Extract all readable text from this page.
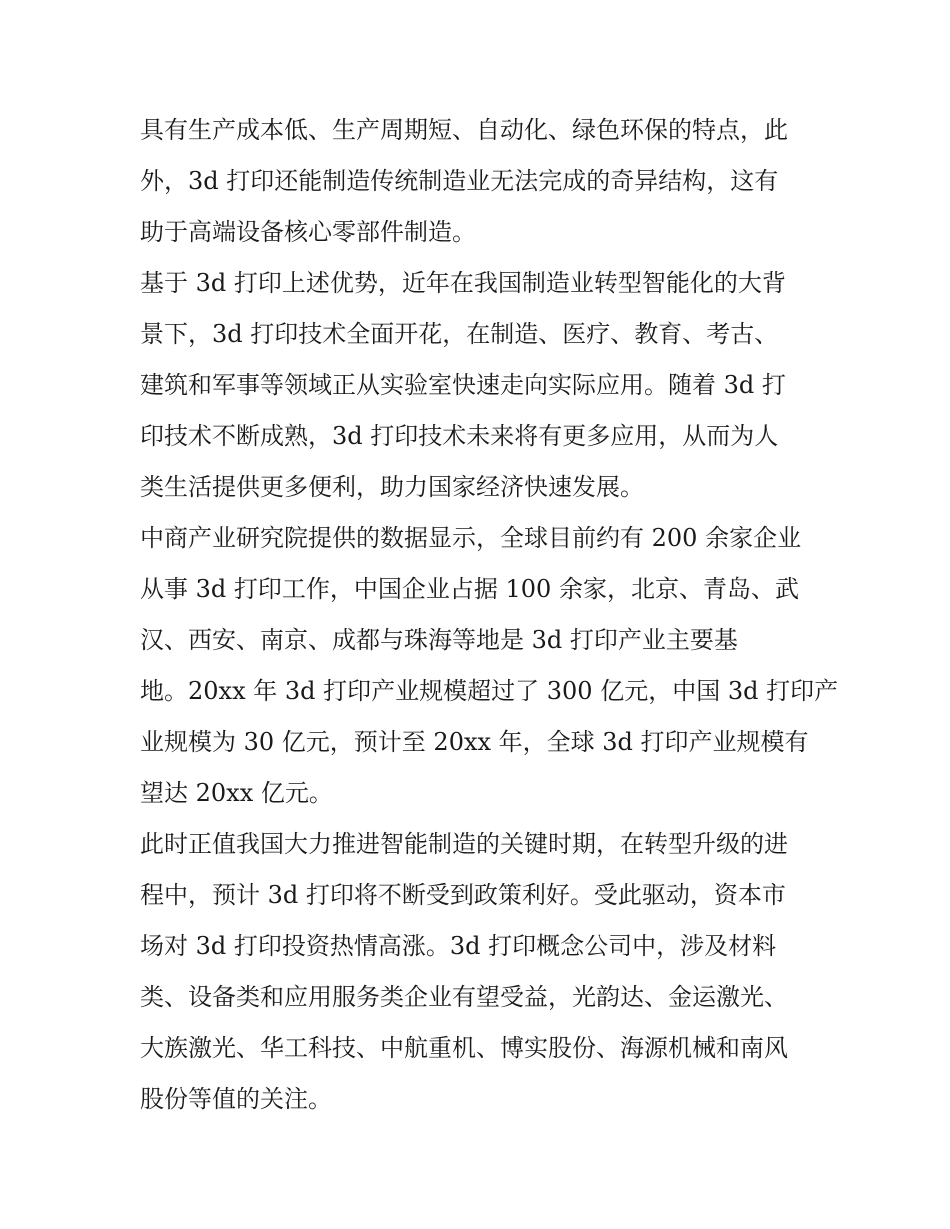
具有生产成本低、生产周期短、自动化、绿色环保的特点，此
外，3d 打印还能制造传统制造业无法完成的奇异结构，这有
助于高端设备核心零部件制造。
基于 3d 打印上述优势，近年在我国制造业转型智能化的大背
景下，3d 打印技术全面开花，在制造、医疗、教育、考古、
建筑和军事等领域正从实验室快速走向实际应用。随着 3d 打
印技术不断成熟，3d 打印技术未来将有更多应用，从而为人
类生活提供更多便利，助力国家经济快速发展。
中商产业研究院提供的数据显示，全球目前约有 200 余家企业
从事 3d 打印工作，中国企业占据 100 余家，北京、青岛、武
汉、西安、南京、成都与珠海等地是 3d 打印产业主要基
地。20xx 年 3d 打印产业规模超过了 300 亿元，中国 3d 打印产
业规模为 30 亿元，预计至 20xx 年，全球 3d 打印产业规模有
望达 20xx 亿元。
此时正值我国大力推进智能制造的关键时期，在转型升级的进
程中，预计 3d 打印将不断受到政策利好。受此驱动，资本市
场对 3d 打印投资热情高涨。3d 打印概念公司中，涉及材料
类、设备类和应用服务类企业有望受益，光韵达、金运激光、
大族激光、华工科技、中航重机、博实股份、海源机械和南风
股份等值的关注。
